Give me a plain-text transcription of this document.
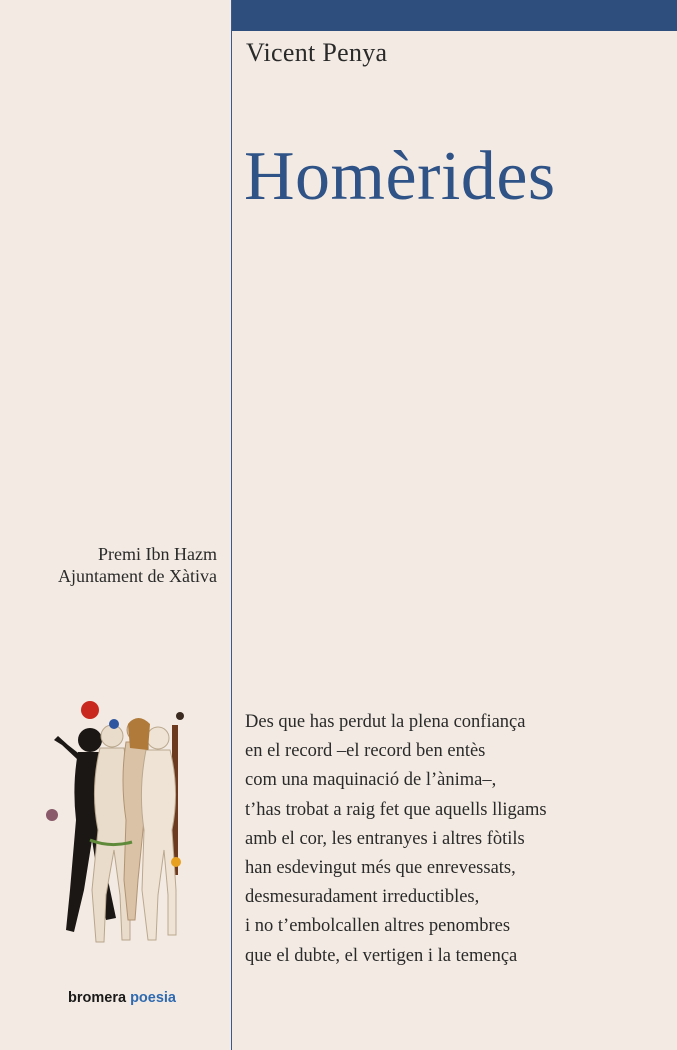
Vicent Penya
Homèrides
Premi Ibn Hazm
Ajuntament de Xàtiva
Des que has perdut la plena confiança
en el record –el record ben entès
com una maquinació de l’ànima–,
t’has trobat a raig fet que aquells lligams
amb el cor, les entranyes i altres fòtils
han esdevingut més que enrevessats,
desmesuradament irreductibles,
i no t’embolcallen altres penombres
que el dubte, el vertigen i la temença
bromera poesia
